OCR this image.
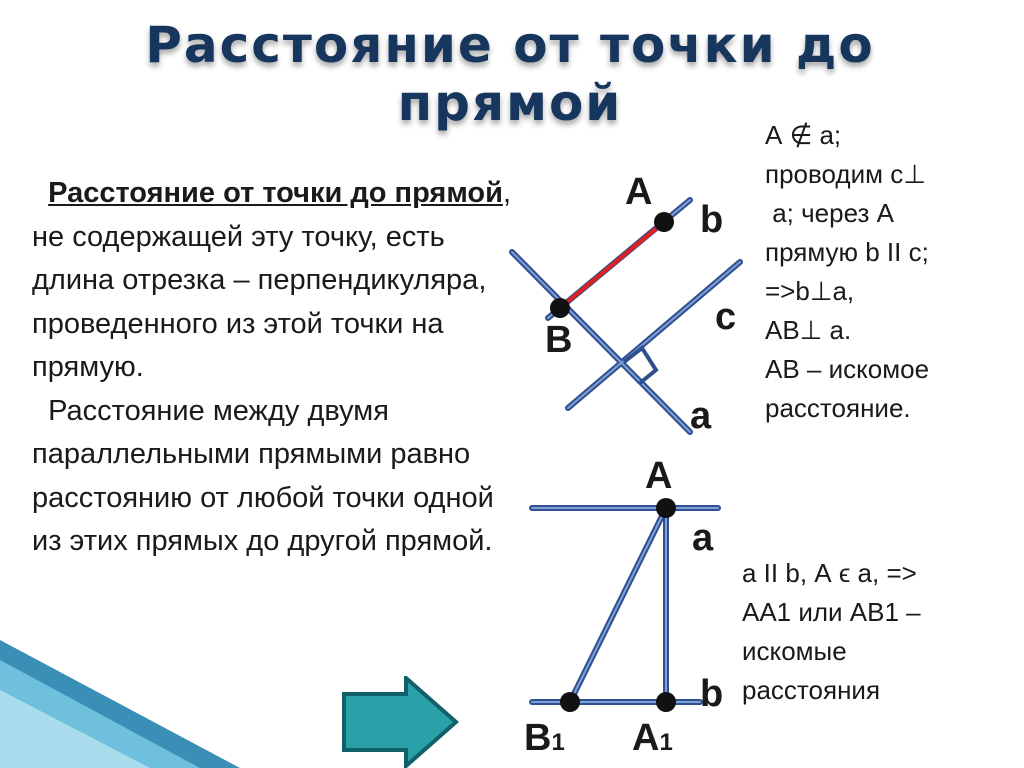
Расстояние от точки до прямой

Расстояние от точки до прямой, не содержащей эту точку, есть длина отрезка – перпендикуляра, проведенного из этой точки на прямую.

Расстояние между двумя параллельными прямыми равно расстоянию от любой точки одной из этих прямых до другой прямой.

А ∉ а;
проводим с⊥
а; через А
прямую b II с;
=>b⊥а,
АВ⊥ а.
АВ – искомое
расстояние.
а II b, А ϵ а, =>
АА1 или АВ1 –
искомые
расстояния
А
b
с
В
а
А
а
b
В1 А1
